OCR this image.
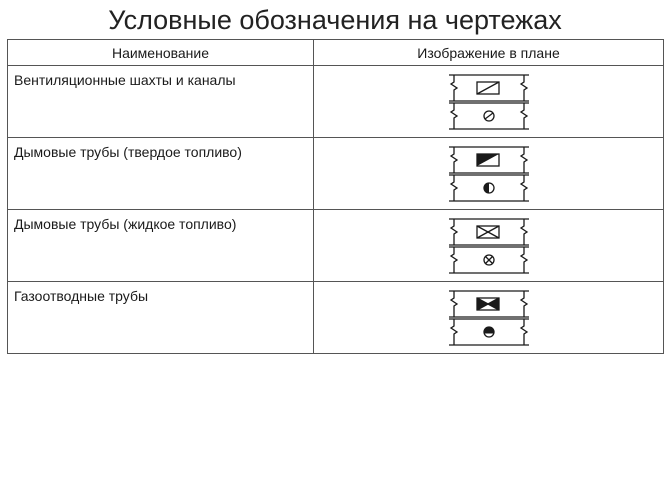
Условные обозначения на чертежах
Наименование	Изображение в плане
Вентиляционные шахты и каналы	

Дымовые трубы (твердое топливо)	

Дымовые трубы (жидкое топливо)	

Газоотводные трубы	
